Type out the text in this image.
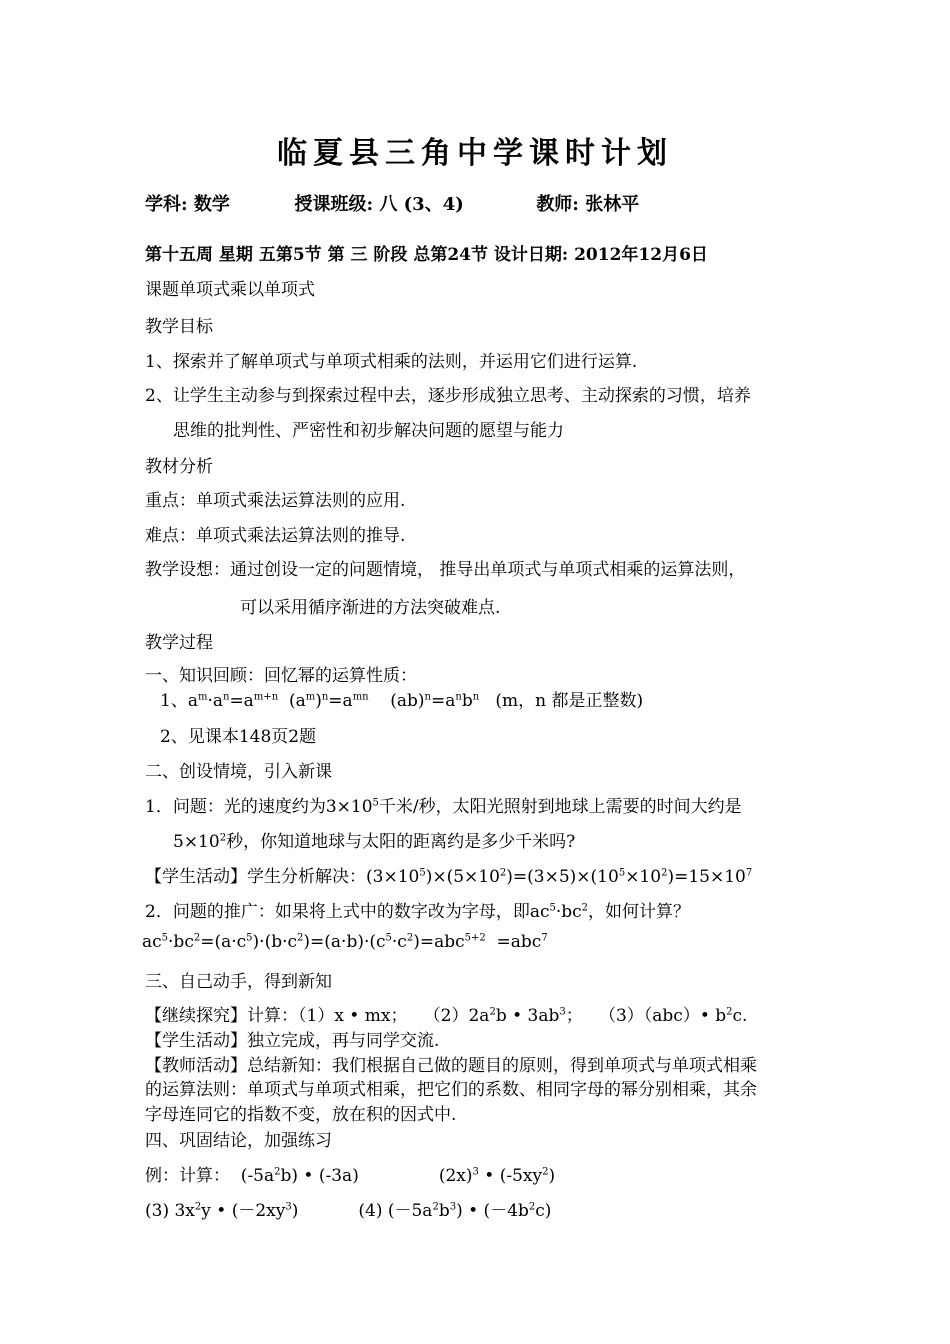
临夏县三角中学课时计划
学科: 数学	授课班级: 八 (3、4)	教师: 张林平
第十五周 星期 五第5节 第 三 阶段 总第24节 设计日期: 2012年12月6日
课题单项式乘以单项式
教学目标
1、探索并了解单项式与单项式相乘的法则，并运用它们进行运算.
2、让学生主动参与到探索过程中去，逐步形成独立思考、主动探索的习惯，培养
思维的批判性、严密性和初步解决问题的愿望与能力
教材分析
重点：单项式乘法运算法则的应用.
难点：单项式乘法运算法则的推导.
教学设想：通过创设一定的问题情境， 推导出单项式与单项式相乘的运算法则，
可以采用循序渐进的方法突破难点.
教学过程
一、知识回顾：回忆幂的运算性质：
1、$a^m\cdot a^n=a^{m+n}$  $(a^m)^n=a^{mn}$    $(ab)^n=a^nb^n$   (m，n 都是正整数)
2、见课本148页2题
二、创设情境，引入新课
1．问题：光的速度约为$3\times 10^5$千米/秒，太阳光照射到地球上需要的时间大约是
$5\times 10^2$秒，你知道地球与太阳的距离约是多少千米吗?
【学生活动】学生分析解决：$(3\times 10^5)\times(5\times 10^2)=(3\times 5)\times(10^5\times 10^2)=15\times 10^7$
2．问题的推广：如果将上式中的数字改为字母，即$ac^5\cdot bc^2$，如何计算？
$ac^5\cdot bc^2=(a\cdot c^5)\cdot(b\cdot c^2)=(a\cdot b)\cdot(c^5\cdot c^2)=abc^{5+2} =abc^7$
三、自己动手，得到新知
【继续探究】计算：（1）x • mx；   $(2)2a^2b$ • $3ab^3$；   （3）（abc）• $b^2c$.
【学生活动】独立完成，再与同学交流.
【教师活动】总结新知：我们根据自己做的题目的原则，得到单项式与单项式相乘
的运算法则：单项式与单项式相乘，把它们的系数、相同字母的幂分别相乘，其余
字母连同它的指数不变，放在积的因式中.
四、巩固结论，加强练习
例：计算：  $(-5a^2b)$ • (-3a)	$(2x)^3$ • $(-5xy^2)$
(3) $3x^2y$ • $(-2xy^3)$	(4) $(-5a^2b^3)$ • $(-4b^2c)$
